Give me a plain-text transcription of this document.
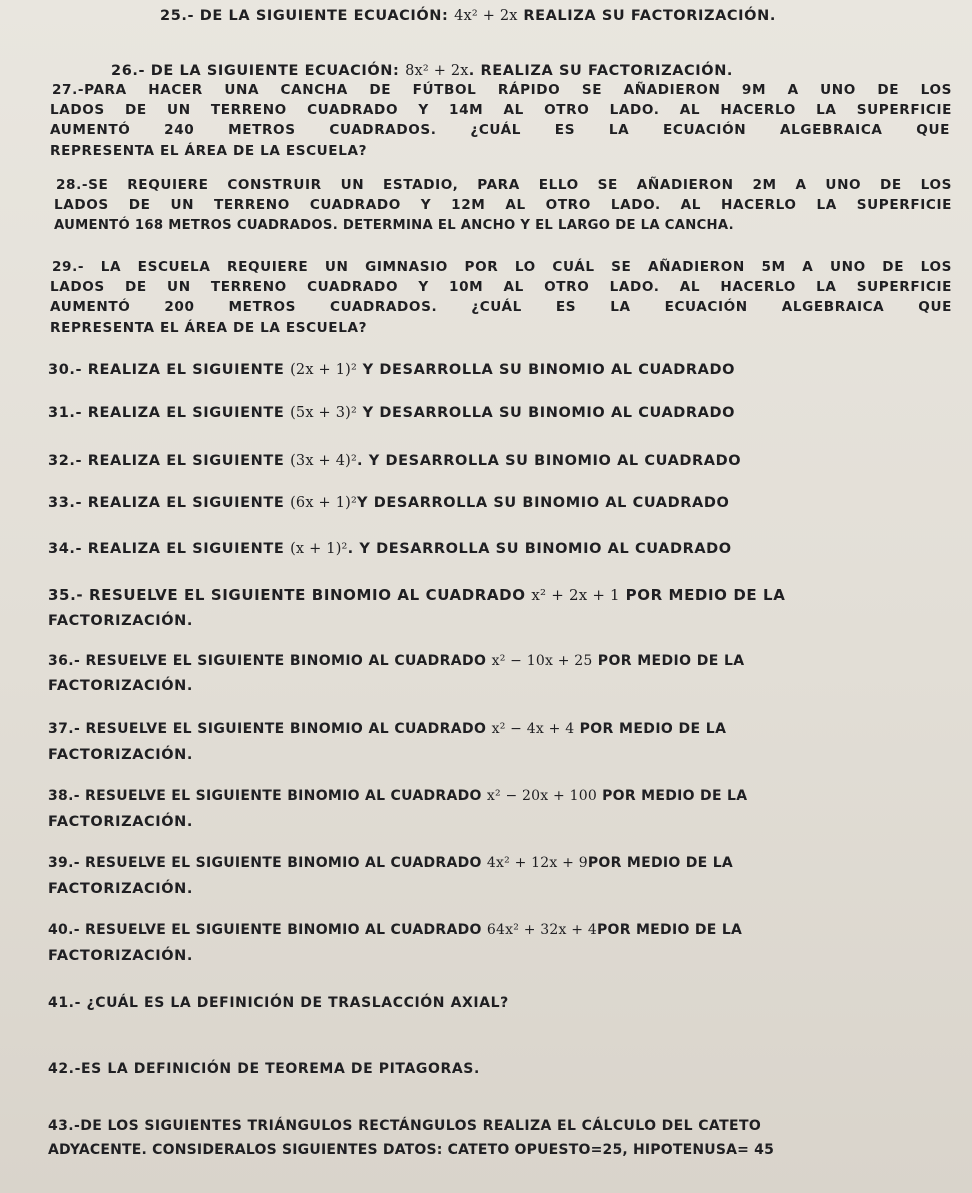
25.- DE LA SIGUIENTE ECUACIÓN: 4x² + 2x REALIZA SU FACTORIZACIÓN.
26.- DE LA SIGUIENTE ECUACIÓN: 8x² + 2x. REALIZA SU FACTORIZACIÓN.
27.-PARA HACER UNA CANCHA DE FÚTBOL RÁPIDO SE AÑADIERON 9M A UNO DE LOS
LADOS DE UN TERRENO CUADRADO Y 14M AL OTRO LADO. AL HACERLO LA SUPERFICIE
AUMENTÓ 240 METROS CUADRADOS. ¿CUÁL ES LA ECUACIÓN ALGEBRAICA QUE
REPRESENTA EL ÁREA DE LA ESCUELA?
28.-SE REQUIERE CONSTRUIR UN ESTADIO, PARA ELLO SE AÑADIERON 2M A UNO DE LOS
LADOS DE UN TERRENO CUADRADO Y 12M AL OTRO LADO. AL HACERLO LA SUPERFICIE
AUMENTÓ 168 METROS CUADRADOS. DETERMINA EL ANCHO Y EL LARGO DE LA CANCHA.
29.- LA ESCUELA REQUIERE UN GIMNASIO POR LO CUÁL SE AÑADIERON 5M A UNO DE LOS
LADOS DE UN TERRENO CUADRADO Y 10M AL OTRO LADO. AL HACERLO LA SUPERFICIE
AUMENTÓ 200 METROS CUADRADOS. ¿CUÁL ES LA ECUACIÓN ALGEBRAICA QUE
REPRESENTA EL ÁREA DE LA ESCUELA?
30.- REALIZA EL SIGUIENTE (2x + 1)² Y DESARROLLA SU BINOMIO AL CUADRADO
31.- REALIZA EL SIGUIENTE (5x + 3)² Y DESARROLLA SU BINOMIO AL CUADRADO
32.- REALIZA EL SIGUIENTE (3x + 4)². Y DESARROLLA SU BINOMIO AL CUADRADO
33.- REALIZA EL SIGUIENTE (6x + 1)²Y DESARROLLA SU BINOMIO AL CUADRADO
34.- REALIZA EL SIGUIENTE (x + 1)². Y DESARROLLA SU BINOMIO AL CUADRADO
35.- RESUELVE EL SIGUIENTE BINOMIO AL CUADRADO x² + 2x + 1 POR MEDIO DE LA
FACTORIZACIÓN.
36.- RESUELVE EL SIGUIENTE BINOMIO AL CUADRADO x² − 10x + 25 POR MEDIO DE LA
FACTORIZACIÓN.
37.- RESUELVE EL SIGUIENTE BINOMIO AL CUADRADO x² − 4x + 4 POR MEDIO DE LA
FACTORIZACIÓN.
38.- RESUELVE EL SIGUIENTE BINOMIO AL CUADRADO x² − 20x + 100 POR MEDIO DE LA
FACTORIZACIÓN.
39.- RESUELVE EL SIGUIENTE BINOMIO AL CUADRADO 4x² + 12x + 9POR MEDIO DE LA
FACTORIZACIÓN.
40.- RESUELVE EL SIGUIENTE BINOMIO AL CUADRADO 64x² + 32x + 4POR MEDIO DE LA
FACTORIZACIÓN.
41.- ¿CUÁL ES LA DEFINICIÓN DE TRASLACCIÓN AXIAL?
42.-ES LA DEFINICIÓN DE TEOREMA DE PITAGORAS.
43.-DE LOS SIGUIENTES TRIÁNGULOS RECTÁNGULOS REALIZA EL CÁLCULO DEL CATETO
ADYACENTE. CONSIDERALOS SIGUIENTES DATOS: CATETO OPUESTO=25, HIPOTENUSA= 45
